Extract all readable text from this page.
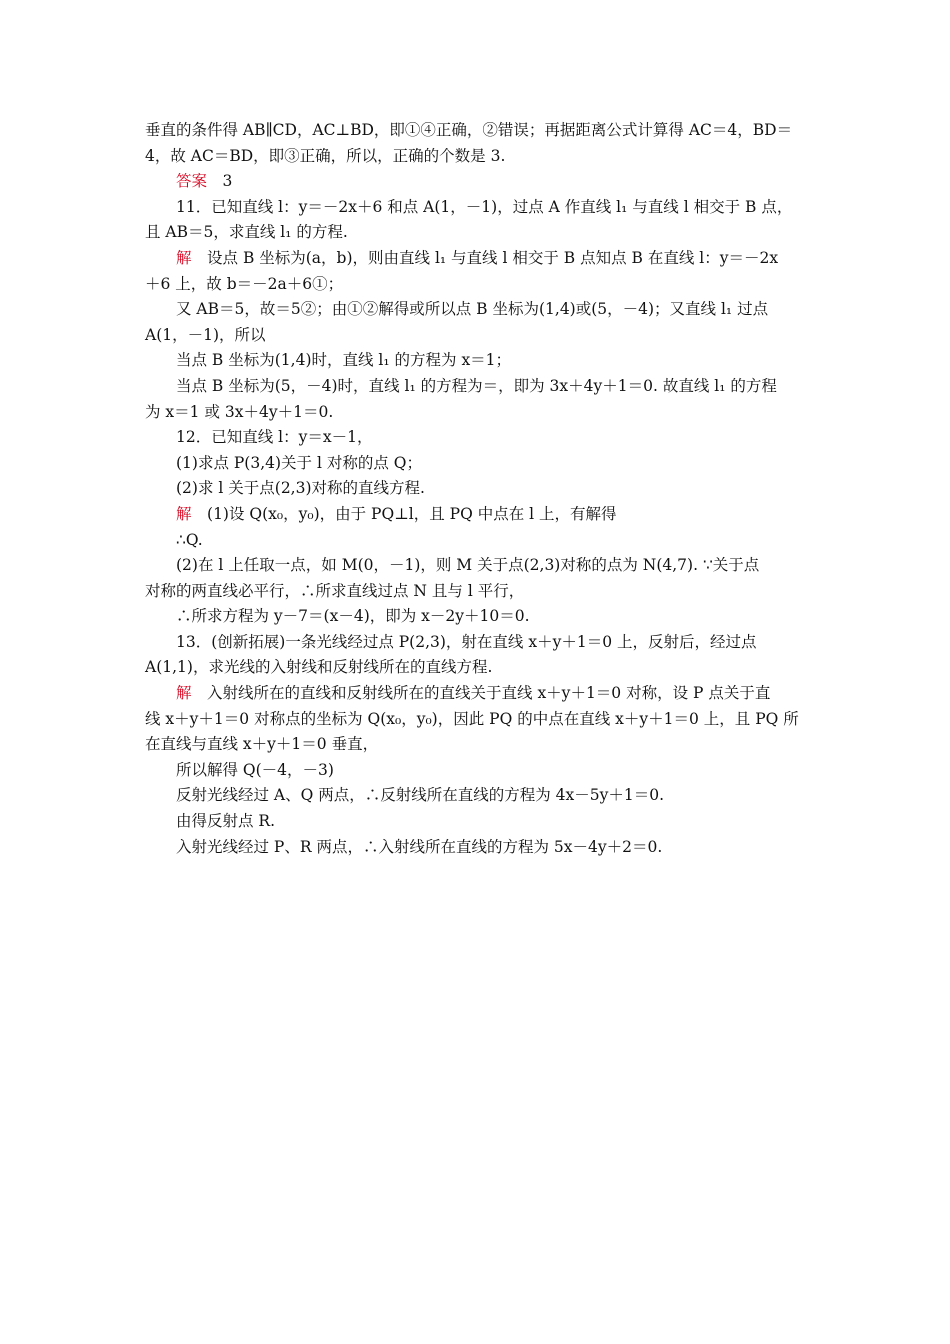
垂直的条件得 AB∥CD，AC⊥BD，即①④正确，②错误；再据距离公式计算得 AC＝4，BD＝
4，故 AC＝BD，即③正确，所以，正确的个数是 3.
答案　3
11．已知直线 l：y＝－2x＋6 和点 A(1，－1)，过点 A 作直线 l₁ 与直线 l 相交于 B 点，
且 AB＝5，求直线 l₁ 的方程.
解　设点 B 坐标为(a，b)，则由直线 l₁ 与直线 l 相交于 B 点知点 B 在直线 l：y＝－2x
＋6 上，故 b＝－2a＋6①；
又 AB＝5，故＝5②；由①②解得或所以点 B 坐标为(1,4)或(5，－4)；又直线 l₁ 过点
A(1，－1)，所以
当点 B 坐标为(1,4)时，直线 l₁ 的方程为 x＝1；
当点 B 坐标为(5，－4)时，直线 l₁ 的方程为＝，即为 3x＋4y＋1＝0. 故直线 l₁ 的方程
为 x＝1 或 3x＋4y＋1＝0.
12．已知直线 l：y＝x－1，
(1)求点 P(3,4)关于 l 对称的点 Q；
(2)求 l 关于点(2,3)对称的直线方程.
解　(1)设 Q(x₀，y₀)，由于 PQ⊥l，且 PQ 中点在 l 上，有解得
∴Q.
(2)在 l 上任取一点，如 M(0，－1)，则 M 关于点(2,3)对称的点为 N(4,7). ∵关于点
对称的两直线必平行，∴所求直线过点 N 且与 l 平行，
∴所求方程为 y－7＝(x－4)，即为 x－2y＋10＝0.
13．(创新拓展)一条光线经过点 P(2,3)，射在直线 x＋y＋1＝0 上，反射后，经过点
A(1,1)，求光线的入射线和反射线所在的直线方程.
解　入射线所在的直线和反射线所在的直线关于直线 x＋y＋1＝0 对称，设 P 点关于直
线 x＋y＋1＝0 对称点的坐标为 Q(x₀，y₀)，因此 PQ 的中点在直线 x＋y＋1＝0 上，且 PQ 所
在直线与直线 x＋y＋1＝0 垂直，
所以解得 Q(－4，－3)
反射光线经过 A、Q 两点，∴反射线所在直线的方程为 4x－5y＋1＝0.
由得反射点 R.
入射光线经过 P、R 两点，∴入射线所在直线的方程为 5x－4y＋2＝0.
